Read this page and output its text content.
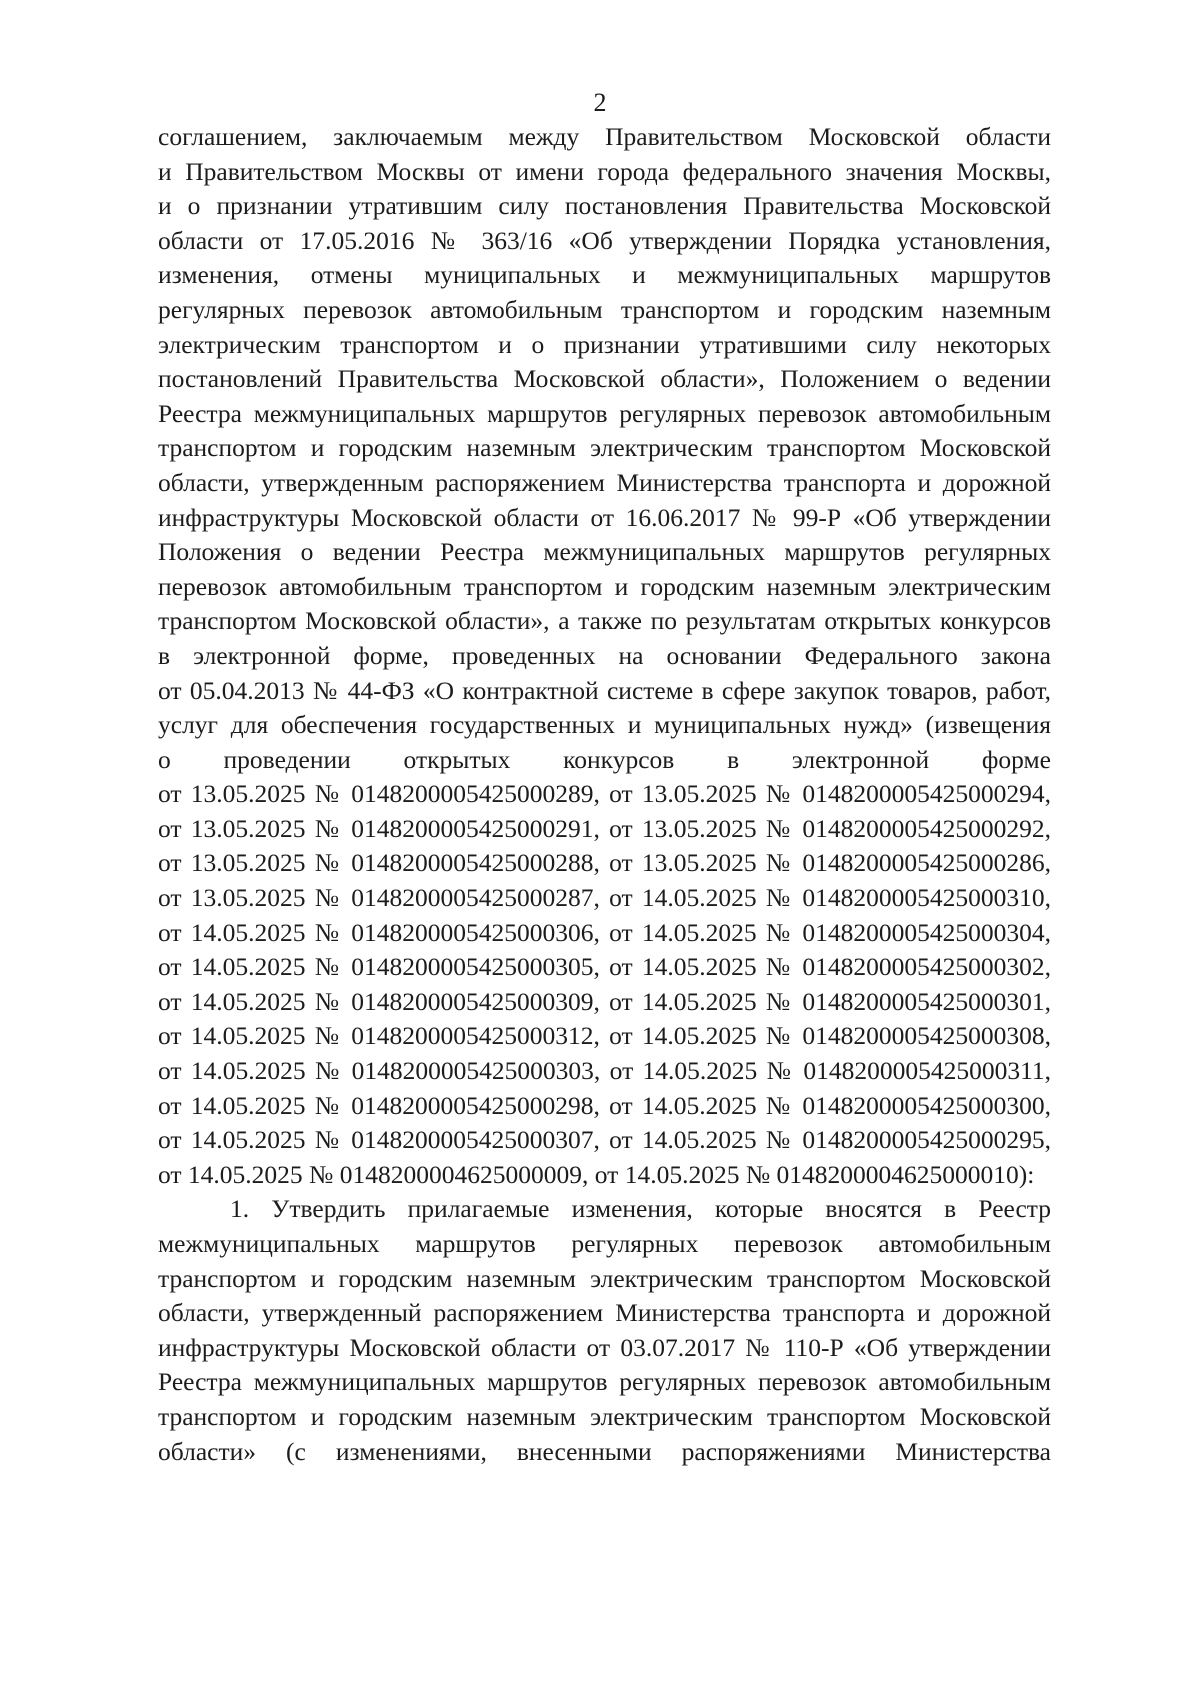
2
соглашением, заключаемым между Правительством Московской области
и Правительством Москвы от имени города федерального значения Москвы,
и о признании утратившим силу постановления Правительства Московской
области от 17.05.2016 № 363/16 «Об утверждении Порядка установления,
изменения, отмены муниципальных и межмуниципальных маршрутов
регулярных перевозок автомобильным транспортом и городским наземным
электрическим транспортом и о признании утратившими силу некоторых
постановлений Правительства Московской области», Положением о ведении
Реестра межмуниципальных маршрутов регулярных перевозок автомобильным
транспортом и городским наземным электрическим транспортом Московской
области, утвержденным распоряжением Министерства транспорта и дорожной
инфраструктуры Московской области от 16.06.2017 № 99-Р «Об утверждении
Положения о ведении Реестра межмуниципальных маршрутов регулярных
перевозок автомобильным транспортом и городским наземным электрическим
транспортом Московской области», а также по результатам открытых конкурсов
в электронной форме, проведенных на основании Федерального закона
от 05.04.2013 № 44-ФЗ «О контрактной системе в сфере закупок товаров, работ,
услуг для обеспечения государственных и муниципальных нужд» (извещения
о проведении открытых конкурсов в электронной форме
от 13.05.2025 № 0148200005425000289, от 13.05.2025 № 0148200005425000294,
от 13.05.2025 № 0148200005425000291, от 13.05.2025 № 0148200005425000292,
от 13.05.2025 № 0148200005425000288, от 13.05.2025 № 0148200005425000286,
от 13.05.2025 № 0148200005425000287, от 14.05.2025 № 0148200005425000310,
от 14.05.2025 № 0148200005425000306, от 14.05.2025 № 0148200005425000304,
от 14.05.2025 № 0148200005425000305, от 14.05.2025 № 0148200005425000302,
от 14.05.2025 № 0148200005425000309, от 14.05.2025 № 0148200005425000301,
от 14.05.2025 № 0148200005425000312, от 14.05.2025 № 0148200005425000308,
от 14.05.2025 № 0148200005425000303, от 14.05.2025 № 0148200005425000311,
от 14.05.2025 № 0148200005425000298, от 14.05.2025 № 0148200005425000300,
от 14.05.2025 № 0148200005425000307, от 14.05.2025 № 0148200005425000295,
от 14.05.2025 № 0148200004625000009, от 14.05.2025 № 0148200004625000010):
1. Утвердить прилагаемые изменения, которые вносятся в Реестр
межмуниципальных маршрутов регулярных перевозок автомобильным
транспортом и городским наземным электрическим транспортом Московской
области, утвержденный распоряжением Министерства транспорта и дорожной
инфраструктуры Московской области от 03.07.2017 № 110-Р «Об утверждении
Реестра межмуниципальных маршрутов регулярных перевозок автомобильным
транспортом и городским наземным электрическим транспортом Московской
области» (с изменениями, внесенными распоряжениями Министерства
